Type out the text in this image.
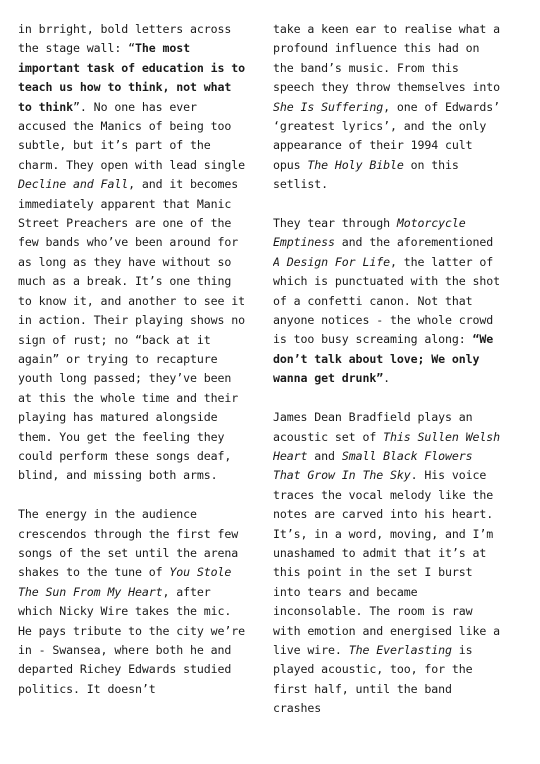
in brright, bold letters across the stage wall: “The most important task of education is to teach us how to think, not what to think”. No one has ever accused the Manics of being too subtle, but it’s part of the charm. They open with lead single Decline and Fall, and it becomes immediately apparent that Manic Street Preachers are one of the few bands who’ve been around for as long as they have without so much as a break. It’s one thing to know it, and another to see it in action. Their playing shows no sign of rust; no “back at it again” or trying to recapture youth long passed; they’ve been at this the whole time and their playing has matured alongside them. You get the feeling they could perform these songs deaf, blind, and missing both arms.

The energy in the audience crescendos through the first few songs of the set until the arena shakes to the tune of You Stole The Sun From My Heart, after which Nicky Wire takes the mic. He pays tribute to the city we’re in - Swansea, where both he and departed Richey Edwards studied politics. It doesn’t

take a keen ear to realise what a profound influence this had on the band’s music. From this speech they throw themselves into She Is Suffering, one of Edwards’ ‘greatest lyrics’, and the only appearance of their 1994 cult opus The Holy Bible on this setlist.

They tear through Motorcycle Emptiness and the aforementioned A Design For Life, the latter of which is punctuated with the shot of a confetti canon. Not that anyone notices - the whole crowd is too busy screaming along: “We don’t talk about love; We only wanna get drunk”.

James Dean Bradfield plays an acoustic set of This Sullen Welsh Heart and Small Black Flowers That Grow In The Sky. His voice traces the vocal melody like the notes are carved into his heart. It’s, in a word, moving, and I’m unashamed to admit that it’s at this point in the set I burst into tears and became inconsolable. The room is raw with emotion and energised like a live wire. The Everlasting is played acoustic, too, for the first half, until the band crashes
